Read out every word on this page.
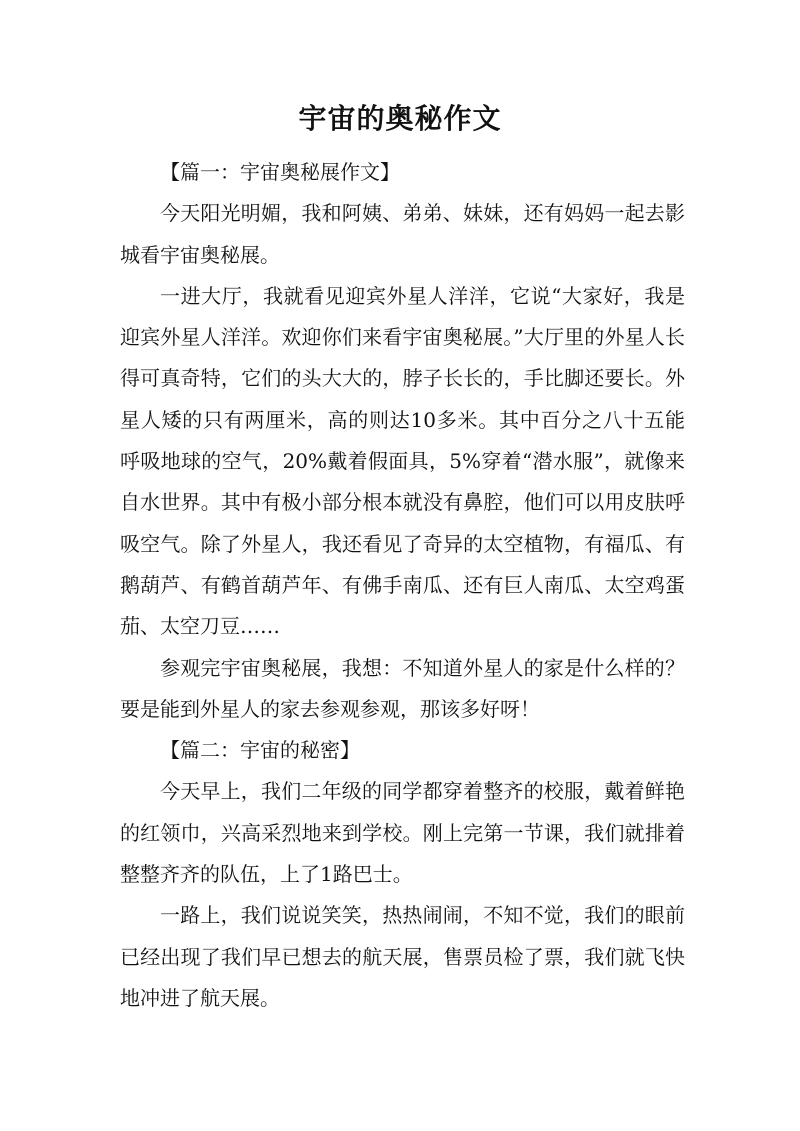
宇宙的奥秘作文

【篇一：宇宙奥秘展作文】

今天阳光明媚，我和阿姨、弟弟、妹妹，还有妈妈一起去影城看宇宙奥秘展。

一进大厅，我就看见迎宾外星人洋洋，它说“大家好，我是迎宾外星人洋洋。欢迎你们来看宇宙奥秘展。”大厅里的外星人长得可真奇特，它们的头大大的，脖子长长的，手比脚还要长。外星人矮的只有两厘米，高的则达10多米。其中百分之八十五能呼吸地球的空气，20%戴着假面具，5%穿着“潜水服”，就像来自水世界。其中有极小部分根本就没有鼻腔，他们可以用皮肤呼吸空气。除了外星人，我还看见了奇异的太空植物，有福瓜、有鹅葫芦、有鹤首葫芦年、有佛手南瓜、还有巨人南瓜、太空鸡蛋茄、太空刀豆……

参观完宇宙奥秘展，我想：不知道外星人的家是什么样的？要是能到外星人的家去参观参观，那该多好呀！

【篇二：宇宙的秘密】

今天早上，我们二年级的同学都穿着整齐的校服，戴着鲜艳的红领巾，兴高采烈地来到学校。刚上完第一节课，我们就排着整整齐齐的队伍，上了1路巴士。

一路上，我们说说笑笑，热热闹闹，不知不觉，我们的眼前已经出现了我们早已想去的航天展，售票员检了票，我们就飞快地冲进了航天展。
